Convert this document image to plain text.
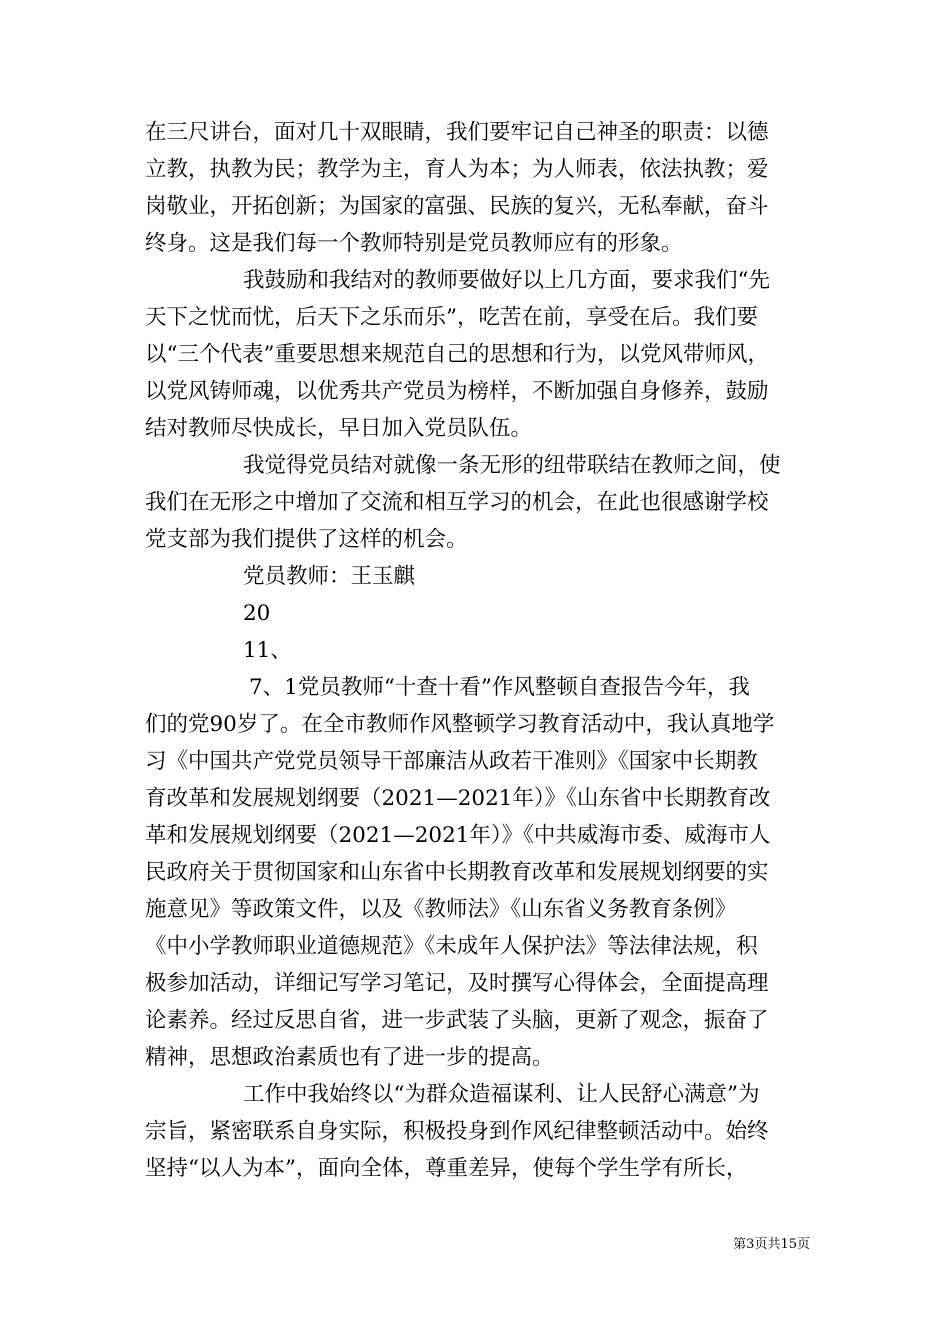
在三尺讲台，面对几十双眼睛，我们要牢记自己神圣的职责：以德
立教，执教为民；教学为主，育人为本；为人师表，依法执教；爱
岗敬业，开拓创新；为国家的富强、民族的复兴，无私奉献，奋斗
终身。这是我们每一个教师特别是党员教师应有的形象。
我鼓励和我结对的教师要做好以上几方面，要求我们“先
天下之忧而忧，后天下之乐而乐”，吃苦在前，享受在后。我们要
以“三个代表”重要思想来规范自己的思想和行为，以党风带师风，
以党风铸师魂，以优秀共产党员为榜样，不断加强自身修养，鼓励
结对教师尽快成长，早日加入党员队伍。
我觉得党员结对就像一条无形的纽带联结在教师之间，使
我们在无形之中增加了交流和相互学习的机会，在此也很感谢学校
党支部为我们提供了这样的机会。
党员教师：王玉麒
20
11、
7、1党员教师“十查十看”作风整顿自查报告今年，我
们的党90岁了。在全市教师作风整顿学习教育活动中，我认真地学
习《中国共产党党员领导干部廉洁从政若干准则》《国家中长期教
育改革和发展规划纲要（2021—2021年）》《山东省中长期教育改
革和发展规划纲要（2021—2021年）》《中共威海市委、威海市人
民政府关于贯彻国家和山东省中长期教育改革和发展规划纲要的实
施意见》等政策文件，以及《教师法》《山东省义务教育条例》
《中小学教师职业道德规范》《未成年人保护法》等法律法规，积
极参加活动，详细记写学习笔记，及时撰写心得体会，全面提高理
论素养。经过反思自省，进一步武装了头脑，更新了观念，振奋了
精神，思想政治素质也有了进一步的提高。
工作中我始终以“为群众造福谋利、让人民舒心满意”为
宗旨，紧密联系自身实际，积极投身到作风纪律整顿活动中。始终
坚持“以人为本”，面向全体，尊重差异，使每个学生学有所长，
第3页共15页
